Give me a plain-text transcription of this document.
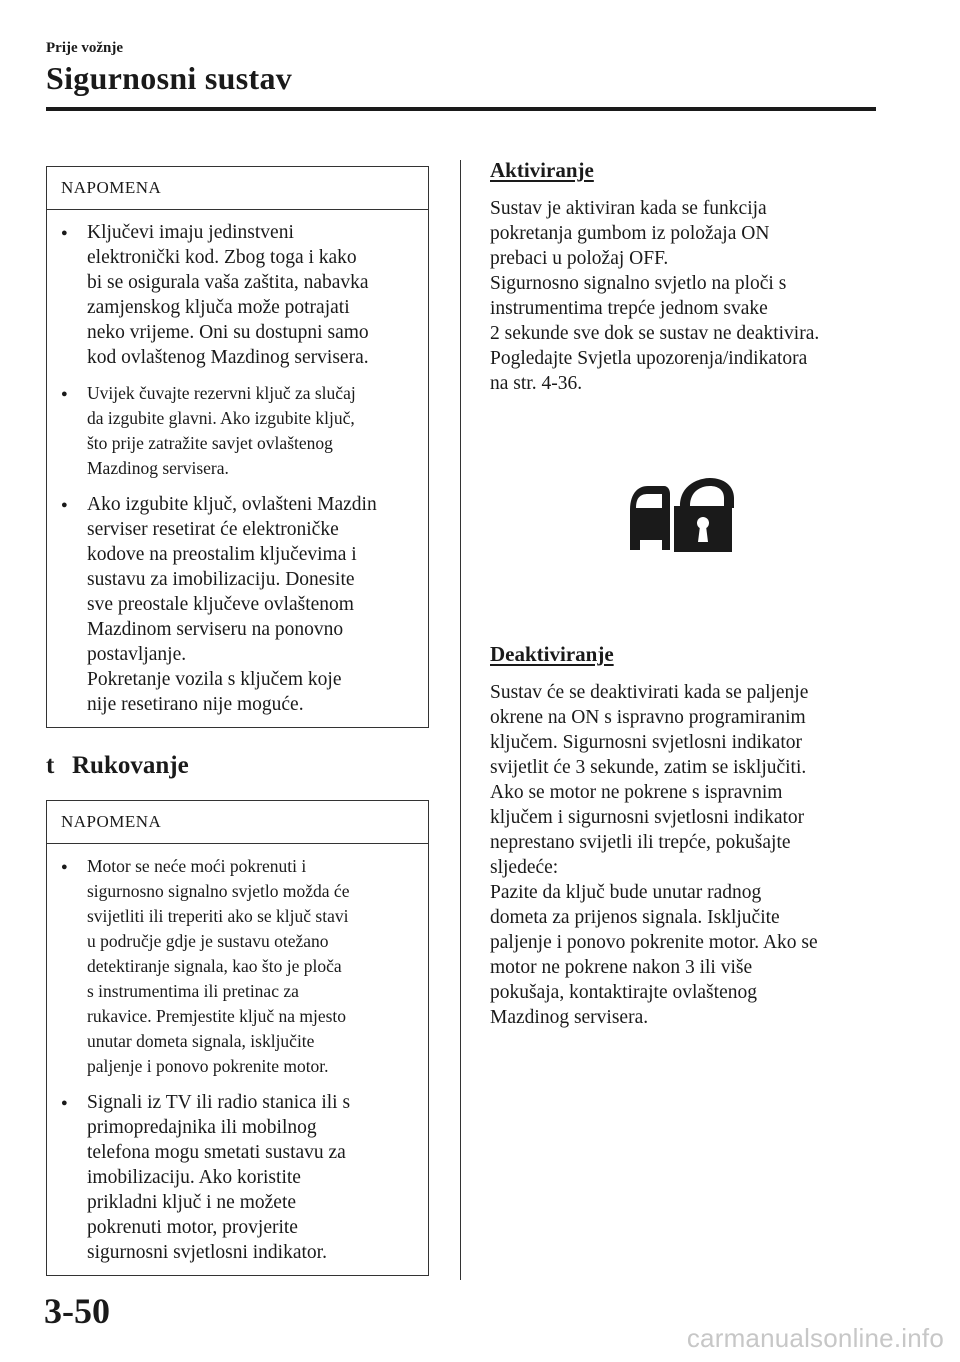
Prije vožnje
Sigurnosni sustav
NAPOMENA
● Ključevi imaju jedinstveni
elektronički kod. Zbog toga i kako
bi se osigurala vaša zaštita, nabavka
zamjenskog ključa može potrajati
neko vrijeme. Oni su dostupni samo
kod ovlaštenog Mazdinog servisera.
● Uvijek čuvajte rezervni ključ za slučaj
da izgubite glavni. Ako izgubite ključ,
što prije zatražite savjet ovlaštenog
Mazdinog servisera.
● Ako izgubite ključ, ovlašteni Mazdin
serviser resetirat će elektroničke
kodove na preostalim ključevima i
sustavu za imobilizaciju. Donesite
sve preostale ključeve ovlaštenom
Mazdinom serviseru na ponovno
postavljanje.
Pokretanje vozila s ključem koje
nije resetirano nije moguće.
t Rukovanje
NAPOMENA
● Motor se neće moći pokrenuti i
sigurnosno signalno svjetlo možda će
svijetliti ili treperiti ako se ključ stavi
u područje gdje je sustavu otežano
detektiranje signala, kao što je ploča
s instrumentima ili pretinac za
rukavice. Premjestite ključ na mjesto
unutar dometa signala, isključite
paljenje i ponovo pokrenite motor.
● Signali iz TV ili radio stanica ili s
primopredajnika ili mobilnog
telefona mogu smetati sustavu za
imobilizaciju. Ako koristite
prikladni ključ i ne možete
pokrenuti motor, provjerite
sigurnosni svjetlosni indikator.
Aktiviranje
Sustav je aktiviran kada se funkcija
pokretanja gumbom iz položaja ON
prebaci u položaj OFF.
Sigurnosno signalno svjetlo na ploči s
instrumentima trepće jednom svake
2 sekunde sve dok se sustav ne deaktivira.
Pogledajte Svjetla upozorenja/indikatora
na str. 4-36.
Deaktiviranje
Sustav će se deaktivirati kada se paljenje
okrene na ON s ispravno programiranim
ključem. Sigurnosni svjetlosni indikator
svijetlit će 3 sekunde, zatim se isključiti.
Ako se motor ne pokrene s ispravnim
ključem i sigurnosni svjetlosni indikator
neprestano svijetli ili trepće, pokušajte
sljedeće:
Pazite da ključ bude unutar radnog
dometa za prijenos signala. Isključite
paljenje i ponovo pokrenite motor. Ako se
motor ne pokrene nakon 3 ili više
pokušaja, kontaktirajte ovlaštenog
Mazdinog servisera.
3-50
carmanualsonline.info
